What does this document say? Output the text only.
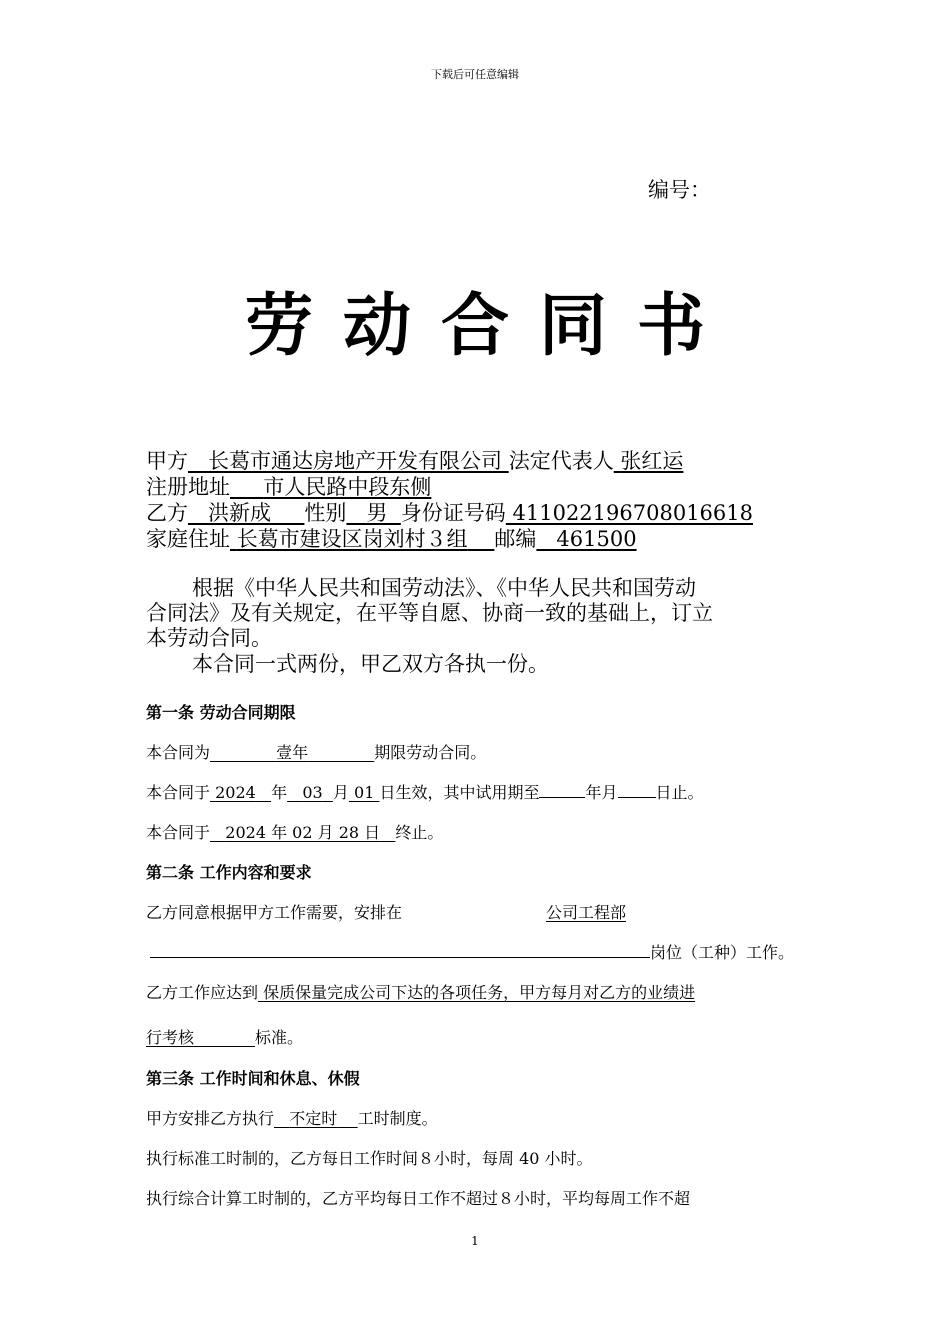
下载后可任意编辑
编号：
劳动合同书
甲方 长葛市通达房地产开发有限公司 法定代表人 张红运
注册地址 市人民路中段东侧
乙方 洪新成 性别 男 身份证号码 411022196708016618
家庭住址 长葛市建设区岗刘村３组 邮编 461500
根据《中华人民共和国劳动法》、《中华人民共和国劳动
合同法》及有关规定，在平等自愿、协商一致的基础上，订立
本劳动合同。
本合同一式两份，甲乙双方各执一份。
第一条 劳动合同期限
本合同为	壹年	期限劳动合同。
本合同于 2024 年 03 月 01 日生效，其中试用期至	年月 日止。
本合同于 2024 年 02 月 28 日 终止。
第二条 工作内容和要求
乙方同意根据甲方工作需要，安排在	公司工程部
岗位（工种）工作。
乙方工作应达到 保质保量完成公司下达的各项任务，甲方每月对乙方的业绩进
行考核	标准。
第三条 工作时间和休息、休假
甲方安排乙方执行 不定时 工时制度。
执行标准工时制的，乙方每日工作时间８小时，每周 40 小时。
执行综合计算工时制的，乙方平均每日工作不超过８小时，平均每周工作不超
1
